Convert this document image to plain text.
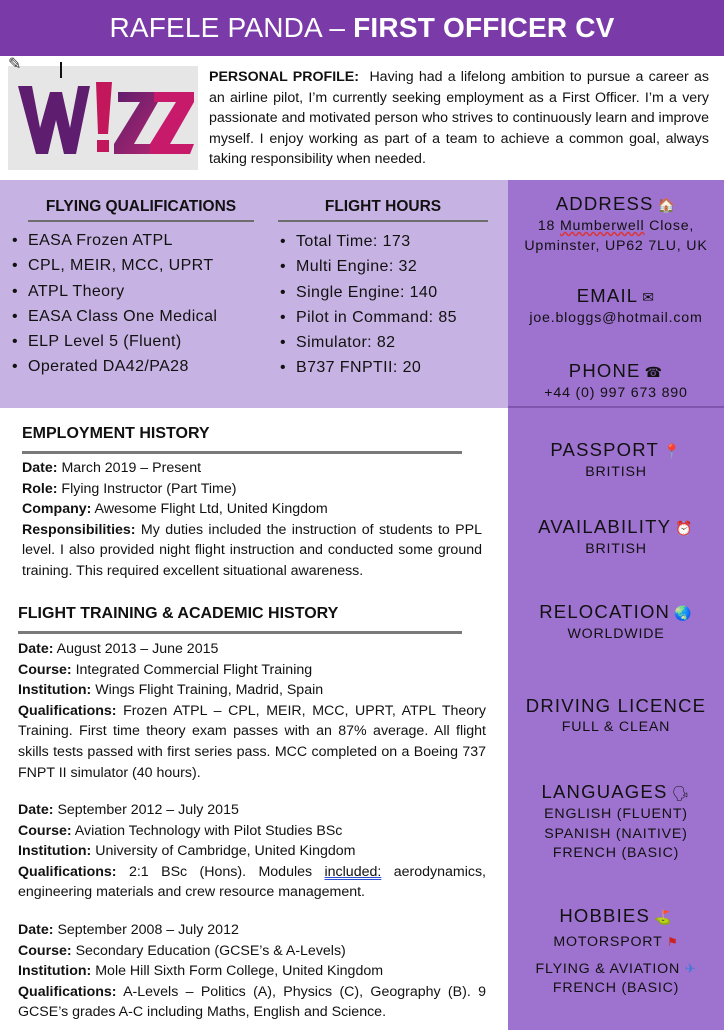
RAFELE PANDA – FIRST OFFICER CV
✎
PERSONAL PROFILE: Having had a lifelong ambition to pursue a career as an airline pilot, I’m currently seeking employment as a First Officer. I’m a very passionate and motivated person who strives to continuously learn and improve myself. I enjoy working as part of a team to achieve a common goal, always taking responsibility when needed.
FLYING QUALIFICATIONS
• EASA Frozen ATPL
• CPL, MEIR, MCC, UPRT
• ATPL Theory
• EASA Class One Medical
• ELP Level 5 (Fluent)
• Operated DA42/PA28
FLIGHT HOURS
• Total Time: 173
• Multi Engine: 32
• Single Engine: 140
• Pilot in Command: 85
• Simulator: 82
• B737 FNPTII: 20
ADDRESS 🏠
18 Mumberwell Close,
Upminster, UP62 7LU, UK
EMAIL ✉
joe.bloggs@hotmail.com
PHONE ☎
+44 (0) 997 673 890
PASSPORT 📍
BRITISH
AVAILABILITY ⏰
BRITISH
RELOCATION 🌏
WORLDWIDE
DRIVING LICENCE
FULL & CLEAN
LANGUAGES 🗣
ENGLISH (FLUENT)
SPANISH (NAITIVE)
FRENCH (BASIC)
HOBBIES ⛳
MOTORSPORT ⚑
FLYING & AVIATION ✈
FRENCH (BASIC)
EMPLOYMENT HISTORY

Date: March 2019 – Present

Role: Flying Instructor (Part Time)

Company: Awesome Flight Ltd, United Kingdom

Responsibilities: My duties included the instruction of students to PPL level. I also provided night flight instruction and conducted some ground training. This required excellent situational awareness.

FLIGHT TRAINING & ACADEMIC HISTORY

Date: August 2013 – June 2015

Course: Integrated Commercial Flight Training

Institution: Wings Flight Training, Madrid, Spain

Qualifications: Frozen ATPL – CPL, MEIR, MCC, UPRT, ATPL Theory Training. First time theory exam passes with an 87% average. All flight skills tests passed with first series pass. MCC completed on a Boeing 737 FNPT II simulator (40 hours).

Date: September 2012 – July 2015

Course: Aviation Technology with Pilot Studies BSc

Institution: University of Cambridge, United Kingdom

Qualifications: 2:1 BSc (Hons). Modules included: aerodynamics, engineering materials and crew resource management.

Date: September 2008 – July 2012

Course: Secondary Education (GCSE’s & A-Levels)

Institution: Mole Hill Sixth Form College, United Kingdom

Qualifications: A-Levels – Politics (A), Physics (C), Geography (B). 9 GCSE’s grades A-C including Maths, English and Science.
